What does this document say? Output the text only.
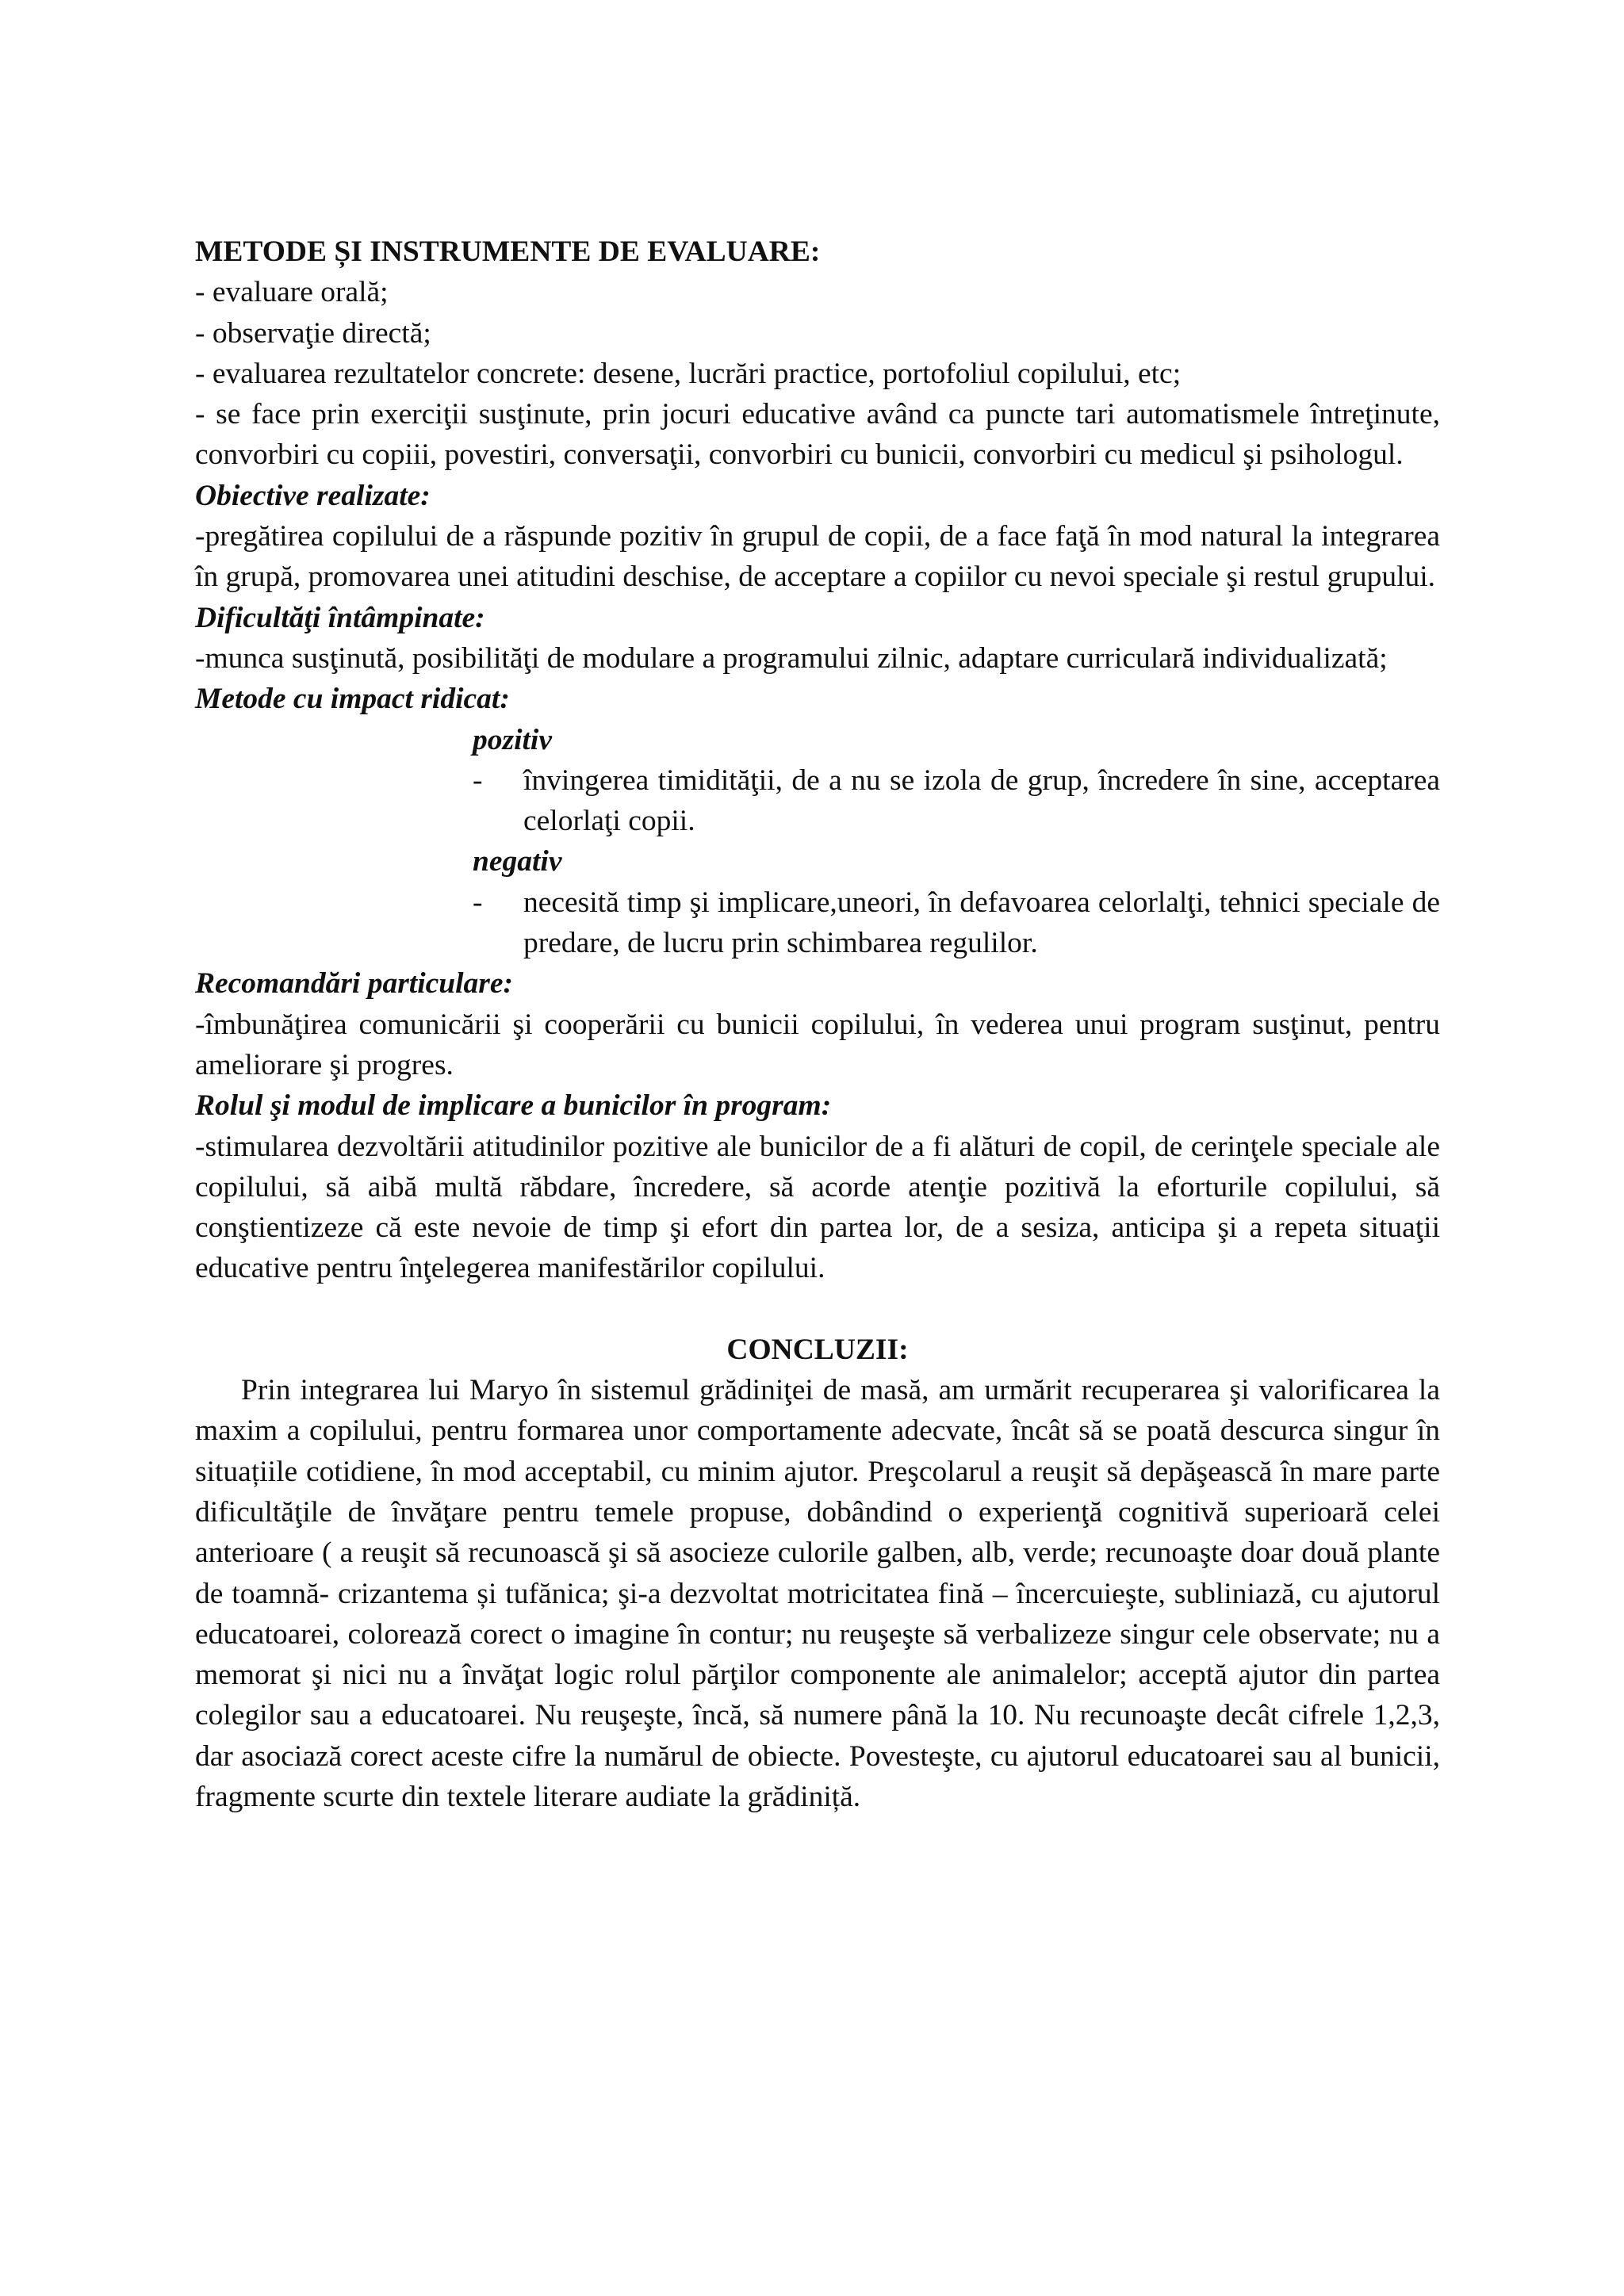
METODE ȘI INSTRUMENTE DE EVALUARE:

- evaluare orală;

- observaţie directă;

- evaluarea rezultatelor concrete: desene, lucrări practice, portofoliul copilului, etc;

- se face prin exerciţii susţinute, prin jocuri educative având ca puncte tari automatismele întreţinute, convorbiri cu copiii, povestiri, conversaţii, convorbiri cu bunicii, convorbiri cu medicul şi psihologul.

Obiective realizate:

-pregătirea copilului de a răspunde pozitiv în grupul de copii, de a face faţă în mod natural la integrarea în grupă, promovarea unei atitudini deschise, de acceptare a copiilor cu nevoi speciale şi restul grupului.

Dificultăţi întâmpinate:

-munca susţinută, posibilităţi de modulare a programului zilnic, adaptare curriculară individualizată;

Metode cu impact ridicat:

pozitiv

- învingerea timidităţii, de a nu se izola de grup, încredere în sine, acceptarea celorlaţi copii.

negativ

- necesită timp şi implicare,uneori, în defavoarea celorlalţi, tehnici speciale de predare, de lucru prin schimbarea regulilor.

Recomandări particulare:

-îmbunăţirea comunicării şi cooperării cu bunicii copilului, în vederea unui program susţinut, pentru ameliorare şi progres.

Rolul şi modul de implicare a bunicilor în program:

-stimularea dezvoltării atitudinilor pozitive ale bunicilor de a fi alături de copil, de cerinţele speciale ale copilului, să aibă multă răbdare, încredere, să acorde atenţie pozitivă la eforturile copilului, să conştientizeze că este nevoie de timp şi efort din partea lor, de a sesiza, anticipa şi a repeta situaţii educative pentru înţelegerea manifestărilor copilului.

CONCLUZII:

Prin integrarea lui Maryo în sistemul grădiniţei de masă, am urmărit recuperarea şi valorificarea la maxim a copilului, pentru formarea unor comportamente adecvate, încât să se poată descurca singur în situațiile cotidiene, în mod acceptabil, cu minim ajutor. Preşcolarul a reuşit să depăşească în mare parte dificultăţile de învăţare pentru temele propuse, dobândind o experienţă cognitivă superioară celei anterioare ( a reuşit să recunoască şi să asocieze culorile galben, alb, verde; recunoaşte doar două plante de toamnă- crizantema și tufănica; şi-a dezvoltat motricitatea fină – încercuieşte, subliniază, cu ajutorul educatoarei, colorează corect o imagine în contur; nu reuşeşte să verbalizeze singur cele observate; nu a memorat şi nici nu a învăţat logic rolul părţilor componente ale animalelor; acceptă ajutor din partea colegilor sau a educatoarei. Nu reuşeşte, încă, să numere până la 10. Nu recunoaşte decât cifrele 1,2,3, dar asociază corect aceste cifre la numărul de obiecte. Povesteşte, cu ajutorul educatoarei sau al bunicii, fragmente scurte din textele literare audiate la grădiniță.
